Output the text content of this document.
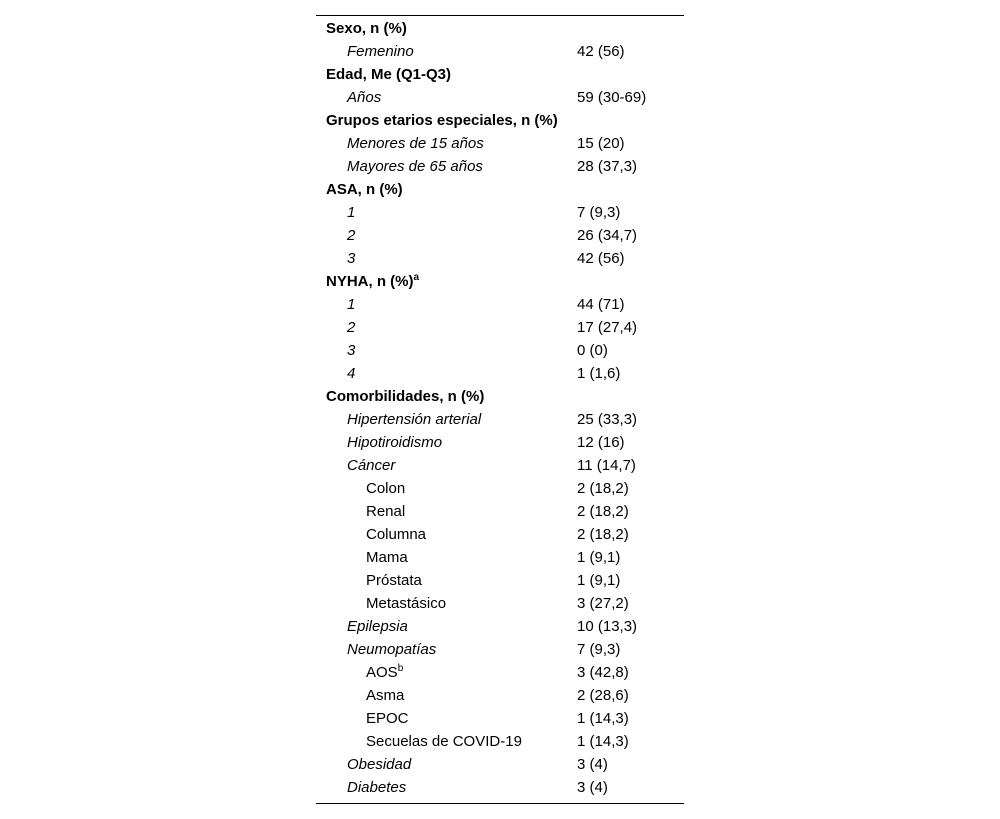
Sexo, n (%)
Femenino	42 (56)
Edad, Me (Q1-Q3)
Años	59 (30-69)
Grupos etarios especiales, n (%)
Menores de 15 años	15 (20)
Mayores de 65 años	28 (37,3)
ASA, n (%)
1	7 (9,3)
2	26 (34,7)
3	42 (56)
NYHA, n (%)$^a$
1	44 (71)
2	17 (27,4)
3	0 (0)
4	1 (1,6)
Comorbilidades, n (%)
Hipertensión arterial	25 (33,3)
Hipotiroidismo	12 (16)
Cáncer	11 (14,7)
Colon	2 (18,2)
Renal	2 (18,2)
Columna	2 (18,2)
Mama	1 (9,1)
Próstata	1 (9,1)
Metastásico	3 (27,2)
Epilepsia	10 (13,3)
Neumopatías	7 (9,3)
AOS$^b$	3 (42,8)
Asma	2 (28,6)
EPOC	1 (14,3)
Secuelas de COVID-19	1 (14,3)
Obesidad	3 (4)
Diabetes	3 (4)
